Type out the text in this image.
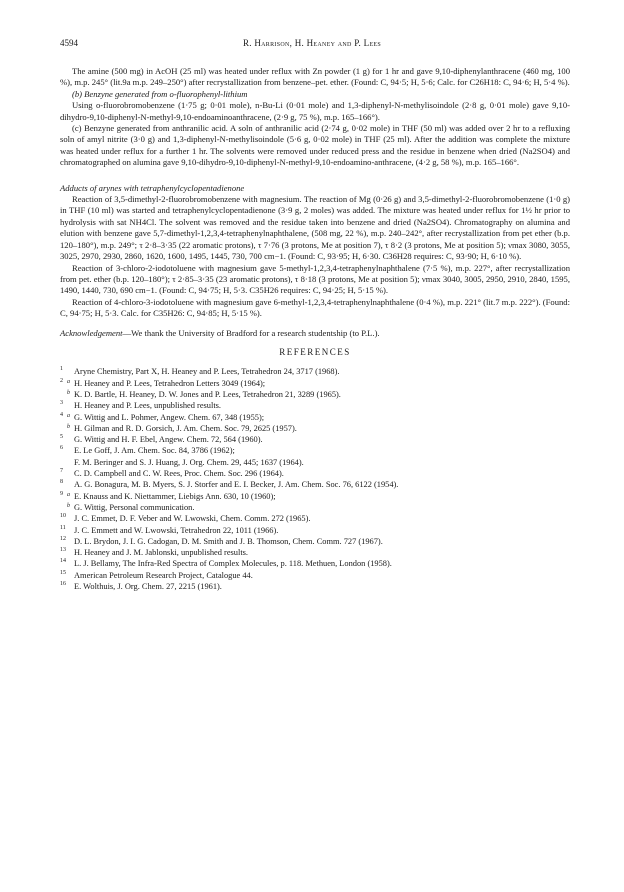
4594	R. Harrison, H. Heaney and P. Lees

The amine (500 mg) in AcOH (25 ml) was heated under reflux with Zn powder (1 g) for 1 hr and gave 9,10-diphenylanthracene (460 mg, 100 %), m.p. 245° (lit.9a m.p. 249–250°) after recrystallization from benzene–pet. ether. (Found: C, 94·5; H, 5·6; Calc. for C26H18: C, 94·6; H, 5·4 %).

(b) Benzyne generated from o-fluorophenyl-lithium

Using o-fluorobromobenzene (1·75 g; 0·01 mole), n-Bu-Li (0·01 mole) and 1,3-diphenyl-N-methylisoindole (2·8 g, 0·01 mole) gave 9,10-dihydro-9,10-diphenyl-N-methyl-9,10-endoaminoanthracene, (2·9 g, 75 %), m.p. 165–166°).

(c) Benzyne generated from anthranilic acid. A soln of anthranilic acid (2·74 g, 0·02 mole) in THF (50 ml) was added over 2 hr to a refluxing soln of amyl nitrite (3·0 g) and 1,3-diphenyl-N-methylisoindole (5·6 g, 0·02 mole) in THF (25 ml). After the addition was complete the mixture was heated under reflux for a further 1 hr. The solvents were removed under reduced press and the residue in benzene when dried (Na2SO4) and chromatographed on alumina gave 9,10-dihydro-9,10-diphenyl-N-methyl-9,10-endoamino-anthracene, (4·2 g, 58 %), m.p. 165–166°.

Adducts of arynes with tetraphenylcyclopentadienone

Reaction of 3,5-dimethyl-2-fluorobromobenzene with magnesium. The reaction of Mg (0·26 g) and 3,5-dimethyl-2-fluorobromobenzene (1·0 g) in THF (10 ml) was started and tetraphenylcyclopentadienone (3·9 g, 2 moles) was added. The mixture was heated under reflux for 1½ hr prior to hydrolysis with sat NH4Cl. The solvent was removed and the residue taken into benzene and dried (Na2SO4). Chromatography on alumina and elution with benzene gave 5,7-dimethyl-1,2,3,4-tetraphenylnaphthalene, (508 mg, 22 %), m.p. 240–242°, after recrystallization from pet ether (b.p. 120–180°), m.p. 249°; τ 2·8–3·35 (22 aromatic protons), τ 7·76 (3 protons, Me at position 7), τ 8·2 (3 protons, Me at position 5); νmax 3080, 3055, 3025, 2970, 2930, 2860, 1620, 1600, 1495, 1445, 730, 700 cm−1. (Found: C, 93·95; H, 6·30. C36H28 requires: C, 93·90; H, 6·10 %).

Reaction of 3-chloro-2-iodotoluene with magnesium gave 5-methyl-1,2,3,4-tetraphenylnaphthalene (7·5 %), m.p. 227°, after recrystallization from pet. ether (b.p. 120–180°); τ 2·85–3·35 (23 aromatic protons), τ 8·18 (3 protons, Me at position 5); νmax 3040, 3005, 2950, 2910, 2840, 1595, 1490, 1440, 730, 690 cm−1. (Found: C, 94·75; H, 5·3. C35H26 requires: C, 94·25; H, 5·15 %).

Reaction of 4-chloro-3-iodotoluene with magnesium gave 6-methyl-1,2,3,4-tetraphenylnaphthalene (0·4 %), m.p. 221° (lit.7 m.p. 222°). (Found: C, 94·75; H, 5·3. Calc. for C35H26: C, 94·85; H, 5·15 %).

Acknowledgement—We thank the University of Bradford for a research studentship (to P.L.).

REFERENCES
1 Aryne Chemistry, Part X, H. Heaney and P. Lees, Tetrahedron 24, 3717 (1968).
2 a H. Heaney and P. Lees, Tetrahedron Letters 3049 (1964);
b K. D. Bartle, H. Heaney, D. W. Jones and P. Lees, Tetrahedron 21, 3289 (1965).
3 H. Heaney and P. Lees, unpublished results.
4 a G. Wittig and L. Pohmer, Angew. Chem. 67, 348 (1955);
b H. Gilman and R. D. Gorsich, J. Am. Chem. Soc. 79, 2625 (1957).
5 G. Wittig and H. F. Ebel, Angew. Chem. 72, 564 (1960).
6 E. Le Goff, J. Am. Chem. Soc. 84, 3786 (1962);
F. M. Beringer and S. J. Huang, J. Org. Chem. 29, 445; 1637 (1964).
7 C. D. Campbell and C. W. Rees, Proc. Chem. Soc. 296 (1964).
8 A. G. Bonagura, M. B. Myers, S. J. Storfer and E. I. Becker, J. Am. Chem. Soc. 76, 6122 (1954).
9 a E. Knauss and K. Niettammer, Liebigs Ann. 630, 10 (1960);
b G. Wittig, Personal communication.
10 J. C. Emmet, D. F. Veber and W. Lwowski, Chem. Comm. 272 (1965).
11 J. C. Emmett and W. Lwowski, Tetrahedron 22, 1011 (1966).
12 D. L. Brydon, J. I. G. Cadogan, D. M. Smith and J. B. Thomson, Chem. Comm. 727 (1967).
13 H. Heaney and J. M. Jablonski, unpublished results.
14 L. J. Bellamy, The Infra-Red Spectra of Complex Molecules, p. 118. Methuen, London (1958).
15 American Petroleum Research Project, Catalogue 44.
16 E. Wolthuis, J. Org. Chem. 27, 2215 (1961).
